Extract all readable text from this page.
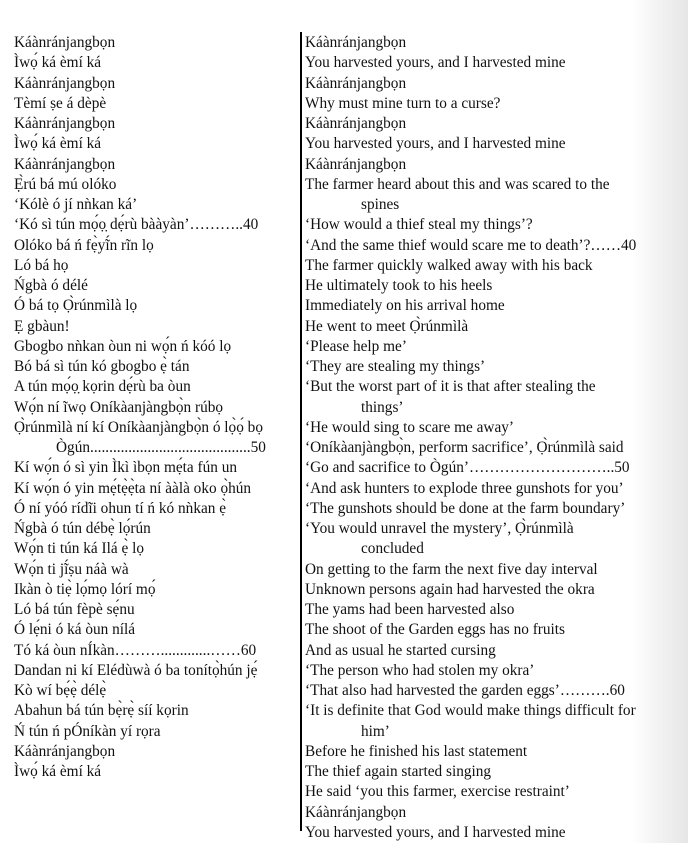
Káànránjangbọn
Ìwọ́ ká èmí ká
Káànránjangbọn
Tèmí ṣe á dèpè
Káànránjangbọn
Ìwọ́ ká èmí ká
Káànránjangbọn
Ẹ̀rú bá mú olóko
‘Kólè ó jí nǹkan ká’
‘Kó sì tún mọ́ọ̣ dẹ́rù bààyàn’………..40
Olóko bá ń fẹ̀yĩ́n rĩn lọ
Ló bá họ
Ńgbà ó délé
Ó bá tọ Ọ̀rúnmìlà lọ
Ẹ gbàun!
Gbogbo nǹkan òun ni wọ́n ń kóó lọ
Bó bá sì tún kó gbogbo ẹ̀ tán
A tún mọ́ọ̣ kọrin dẹ́rù ba òun
Wọ́n ní ĩwọ Oníkàanjàngbọ̀n rúbọ
Ọ̀rúnmìlà ní kí Oníkàanjàngbọ̀n ó lọ̀ọ́ bọ
Ògún..........................................50
Kí wọ́n ó sì yin Ìkì ìbọn mẹ́ta fún un
Kí wọ́n ó yin mẹ́tẹ̀ẹ̀ta ní ààlà oko ọ̀hún
Ó ní yóó rídĩi ohun tí ń kó nǹkan ẹ̀
Ńgbà ó tún débẹ̀ lọ́rún
Wọ́n ti tún ká Ilá ẹ̀ lọ
Wọ́n ti jĩ́ṣu náà wà
Ikàn ò tiẹ̀ lọ́mọ lórí mọ́
Ló bá tún fèpè sẹ́nu
Ó lẹ́ni ó ká òun nílá
Tó ká òun nÍkàn……….............……60
Dandan ni kí Elédùwà ó ba tonítọ̀hún jẹ́
Kò wí bẹ́ẹ̀ délẹ̀
Abahun bá tún bẹ̀rẹ̀ síí kọrin
Ń tún ń pÓníkàn yí rọra
Káànránjangbọn
Ìwọ́ ká èmí ká
Káànránjangbọn
You harvested yours, and I harvested mine
Káànránjangbọn
Why must mine turn to a curse?
Káànránjangbọn
You harvested yours, and I harvested mine
Káànránjangbọn
The farmer heard about this and was scared to the
spines
‘How would a thief steal my things’?
‘And the same thief would scare me to death’?……40
The farmer quickly walked away with his back
He ultimately took to his heels
Immediately on his arrival home
He went to meet Ọ̀rúnmìlà
‘Please help me’
‘They are stealing my things’
‘But the worst part of it is that after stealing the
things’
‘He would sing to scare me away’
‘Oníkàanjàngbọ̀n, perform sacrifice’, Ọ̀rúnmìlà said
‘Go and sacrifice to Ògún’………………………..50
‘And ask hunters to explode three gunshots for you’
‘The gunshots should be done at the farm boundary’
‘You would unravel the mystery’, Ọ̀rúnmìlà
concluded
On getting to the farm the next five day interval
Unknown persons again had harvested the okra
The yams had been harvested also
The shoot of the Garden eggs has no fruits
And as usual he started cursing
‘The person who had stolen my okra’
‘That also had harvested the garden eggs’……….60
‘It is definite that God would make things difficult for
him’
Before he finished his last statement
The thief again started singing
He said ‘you this farmer, exercise restraint’
Káànránjangbọn
You harvested yours, and I harvested mine
